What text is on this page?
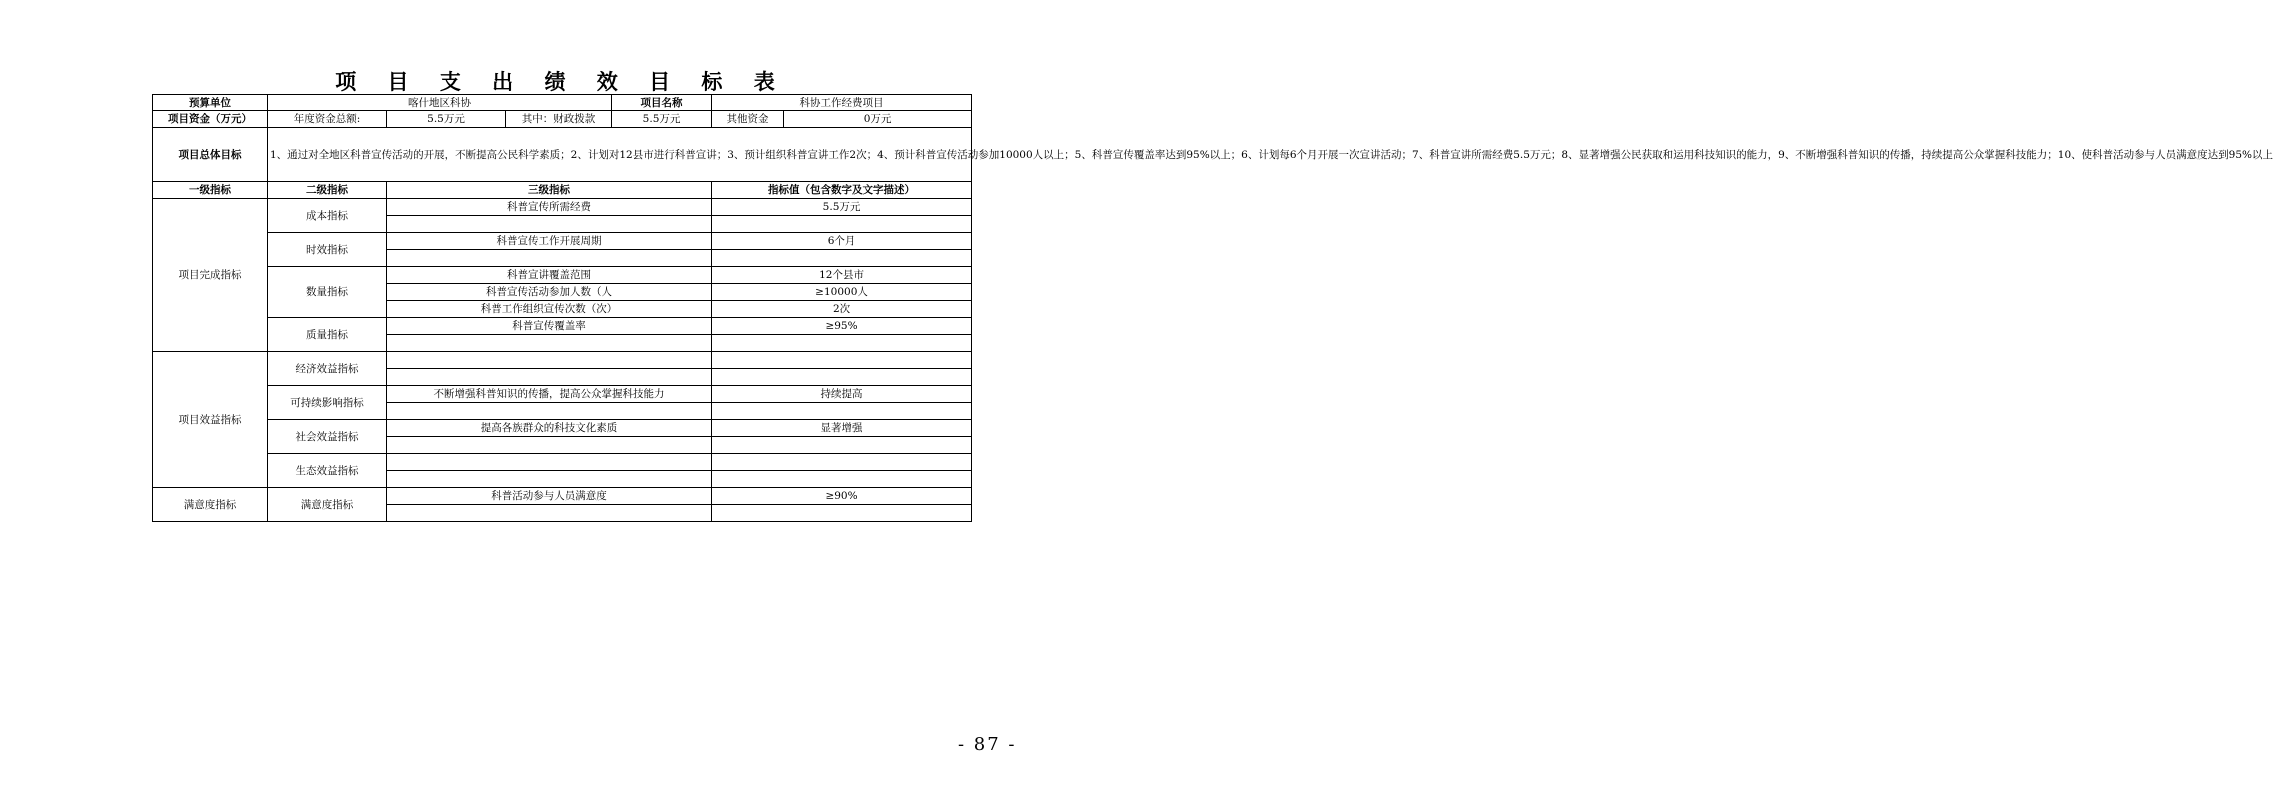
项 目 支 出 绩 效 目 标 表
预算单位	喀什地区科协			项目名称	科协工作经费项目	
项目资金（万元）	年度资金总额:	5.5万元	其中：财政拨款	5.5万元	其他资金	0万元
项目总体目标	1、通过对全地区科普宣传活动的开展，不断提高公民科学素质；2、计划对12县市进行科普宣讲；3、预计组织科普宣讲工作2次；4、预计科普宣传活动参加10000人以上；5、科普宣传覆盖率达到95%以上；6、计划每6个月开展一次宣讲活动；7、科普宣讲所需经费5.5万元；8、显著增强公民获取和运用科技知识的能力，9、不断增强科普知识的传播，持续提高公众掌握科技能力；10、使科普活动参与人员满意度达到95%以上					
一级指标	二级指标	三级指标			指标值（包含数字及文字描述）	
项目完成指标	成本指标	科普宣传所需经费			5.5万元	

	时效指标	科普宣传工作开展周期			6个月	

	数量指标	科普宣讲覆盖范围			12个县市	
		科普宣传活动参加人数（人			≥10000人	
		科普工作组织宣传次数（次）			2次	
	质量指标	科普宣传覆盖率			≥95%	

项目效益指标	经济效益指标					

	可持续影响指标	不断增强科普知识的传播，提高公众掌握科技能力			持续提高	

	社会效益指标	提高各族群众的科技文化素质			显著增强	

	生态效益指标					

满意度指标	满意度指标	科普活动参与人员满意度			≥90%	

- 87 -
